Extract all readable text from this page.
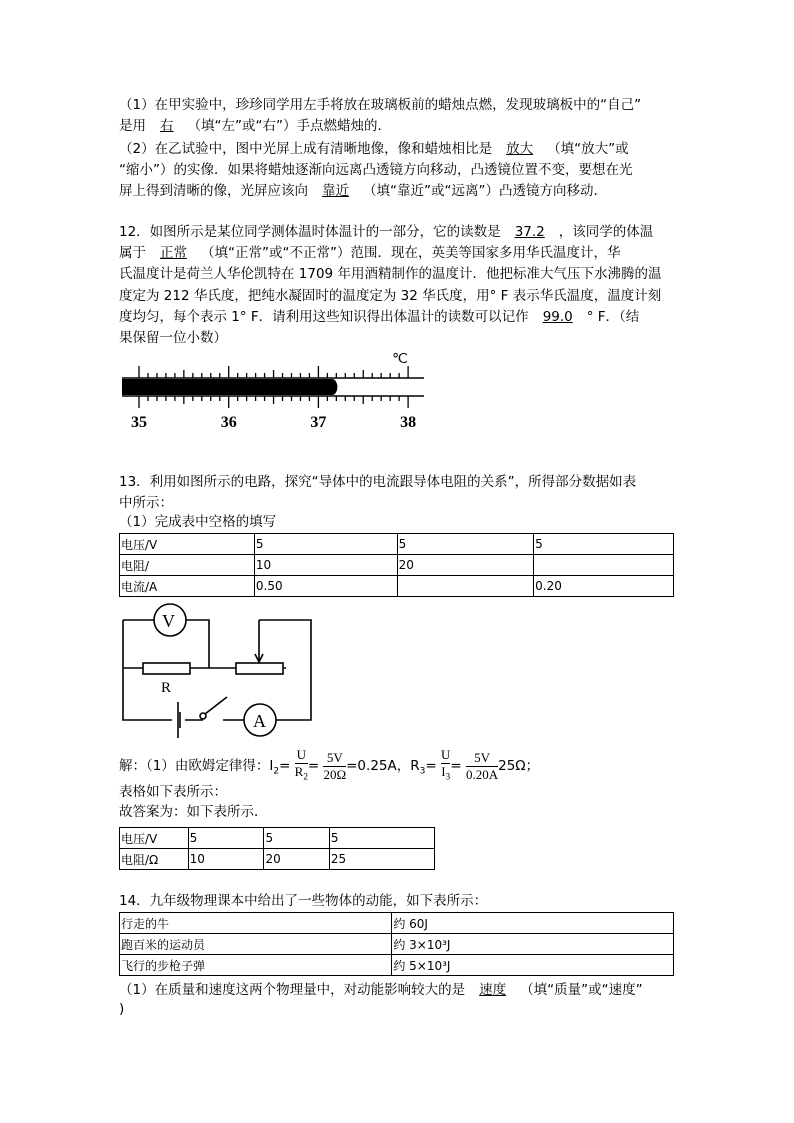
（1）在甲实验中，珍珍同学用左手将放在玻璃板前的蜡烛点燃，发现玻璃板中的“自己”
是用 右 （填“左”或“右”）手点燃蜡烛的．
（2）在乙试验中，图中光屏上成有清晰地像，像和蜡烛相比是 放大 （填“放大”或
“缩小”）的实像．如果将蜡烛逐渐向远离凸透镜方向移动，凸透镜位置不变，要想在光
屏上得到清晰的像，光屏应该向 靠近 （填“靠近”或“远离”）凸透镜方向移动．
12．如图所示是某位同学测体温时体温计的一部分，它的读数是 37.2 ，该同学的体温
属于 正常 （填“正常”或“不正常”）范围．现在，英美等国家多用华氏温度计，华
氏温度计是荷兰人华伦凯特在 1709 年用酒精制作的温度计．他把标准大气压下水沸腾的温
度定为 212 华氏度，把纯水凝固时的温度定为 32 华氏度，用° F 表示华氏温度，温度计刻
度均匀，每个表示 1° F．请利用这些知识得出体温计的读数可以记作 99.0 ° F．（结
果保留一位小数）
35	36	37	38
℃
13．利用如图所示的电路，探究“导体中的电流跟导体电阻的关系”，所得部分数据如表
中所示：
（1）完成表中空格的填写
电压/V	5	5	5
电阻/	10	20	
电流/A	0.50		0.20
V
A
R
解：（1）由欧姆定律得：$I_2= \frac{U}{R_2} = \frac{5V}{20\Omega} =0.25A$，$R_3= \frac{U}{I_3} = \frac{5V}{0.20A} 25\Omega$；
表格如下表所示：
故答案为：如下表所示．
电压/V	5	5	5
电阻/Ω	10	20	25
14．九年级物理课本中给出了一些物体的动能，如下表所示：
行走的牛	约 60J
跑百米的运动员	约 3×10³J
飞行的步枪子弹	约 5×10³J
（1）在质量和速度这两个物理量中，对动能影响较大的是 速度 （填“质量”或“速度”
)
